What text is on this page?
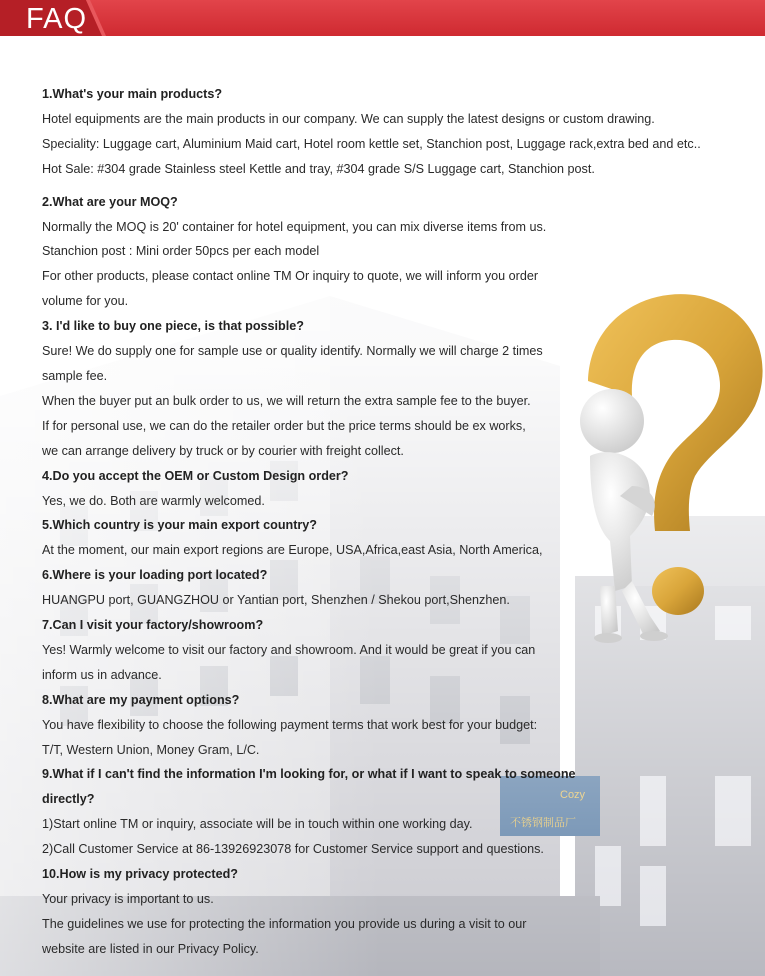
FAQ
1.What's your main products?
Hotel equipments are the main products in our company. We can supply the latest designs or custom drawing.
Speciality: Luggage cart, Aluminium Maid cart, Hotel room kettle set, Stanchion post, Luggage rack,extra bed and etc..
Hot Sale: #304 grade Stainless steel Kettle and tray, #304 grade S/S Luggage cart, Stanchion post.
2.What are your MOQ?
Normally the MOQ is 20' container for hotel equipment, you can mix diverse items from us.
Stanchion post : Mini order 50pcs per each model
For other products, please contact online TM Or inquiry to quote, we will inform you order
volume for you.
3. I'd like to buy one piece, is that possible?
Sure! We do supply one for sample use or quality identify. Normally we will charge 2 times
sample fee.
When the buyer put an bulk order to us, we will return the extra sample fee to the buyer.
If for personal use, we can do the retailer order but the price terms should be ex works,
we can arrange delivery by truck or by courier with freight collect.
4.Do you accept the OEM or Custom Design order?
Yes, we do. Both are warmly welcomed.
5.Which country is your main export country?
At the moment, our main export regions are Europe, USA,Africa,east Asia, North America,
6.Where is your loading port located?
HUANGPU port, GUANGZHOU or Yantian port, Shenzhen / Shekou port,Shenzhen.
7.Can I visit your factory/showroom?
Yes! Warmly welcome to visit our factory and showroom. And it would be great if you can
inform us in advance.
8.What are my payment options?
You have flexibility to choose the following payment terms that work best for your budget:
T/T, Western Union, Money Gram, L/C.
9.What if I can't find the information I'm looking for, or what if I want to speak to someone directly?
1)Start online TM or inquiry, associate will be in touch within one working day.
2)Call Customer Service at 86-13926923078 for Customer Service support and questions.
10.How is my privacy protected?
Your privacy is important to us.
The guidelines we use for protecting the information you provide us during a visit to our
website are listed in our Privacy Policy.
